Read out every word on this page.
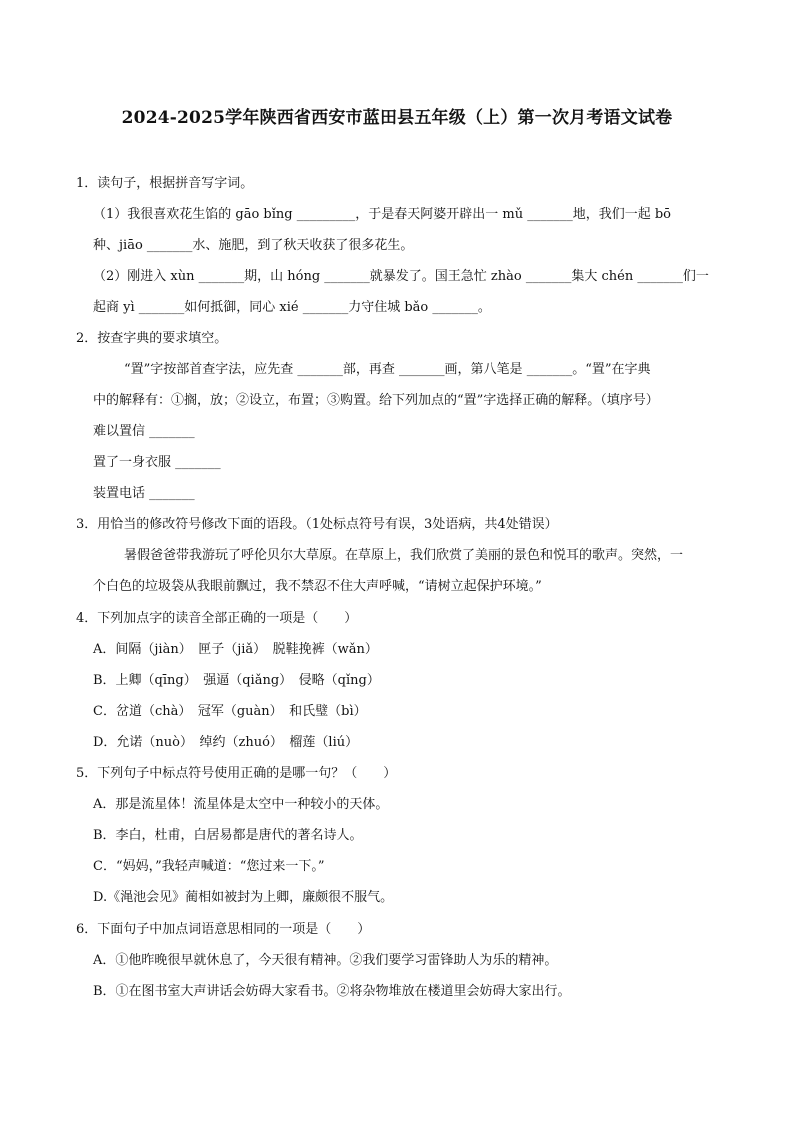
2024-2025学年陕西省西安市蓝田县五年级（上）第一次月考语文试卷
1．读句子，根据拼音写字词。
（1）我很喜欢花生馅的 gāo bǐng _________，于是春天阿婆开辟出一 mǔ _______地，我们一起 bō
种、jiāo _______水、施肥，到了秋天收获了很多花生。
（2）刚进入 xùn _______期，山 hóng _______就暴发了。国王急忙 zhào _______集大 chén _______们一
起商 yì _______如何抵御，同心 xié _______力守住城 bǎo _______。
2．按查字典的要求填空。
“置”字按部首查字法，应先查 _______部，再查 _______画，第八笔是 _______。“置”在字典
中的解释有：①搁，放；②设立，布置；③购置。给下列加点的“置”字选择正确的解释。（填序号）
难以置信 _______
置了一身衣服 _______
装置电话 _______
3．用恰当的修改符号修改下面的语段。（1处标点符号有误，3处语病，共4处错误）
暑假爸爸带我游玩了呼伦贝尔大草原。在草原上，我们欣赏了美丽的景色和悦耳的歌声。突然，一
个白色的垃圾袋从我眼前飘过，我不禁忍不住大声呼喊，“请树立起保护环境。”
4．下列加点字的读音全部正确的一项是（　　）
A．间隔（jiàn）　匣子（jiǎ）　脱鞋挽裤（wǎn）
B．上卿（qīng）　强逼（qiǎng）　侵略（qǐng）
C．岔道（chà）　冠军（guàn）　和氏璧（bì）
D．允诺（nuò）　绰约（zhuó）　榴莲（liú）
5．下列句子中标点符号使用正确的是哪一句？（　　）
A．那是流星体！流星体是太空中一种较小的天体。
B．李白，杜甫，白居易都是唐代的著名诗人。
C．“妈妈，”我轻声喊道：“您过来一下。”
D.《渑池会见》蔺相如被封为上卿，廉颇很不服气。
6．下面句子中加点词语意思相同的一项是（　　）
A．①他昨晚很早就休息了，今天很有精神。②我们要学习雷锋助人为乐的精神。
B．①在图书室大声讲话会妨碍大家看书。②将杂物堆放在楼道里会妨碍大家出行。
